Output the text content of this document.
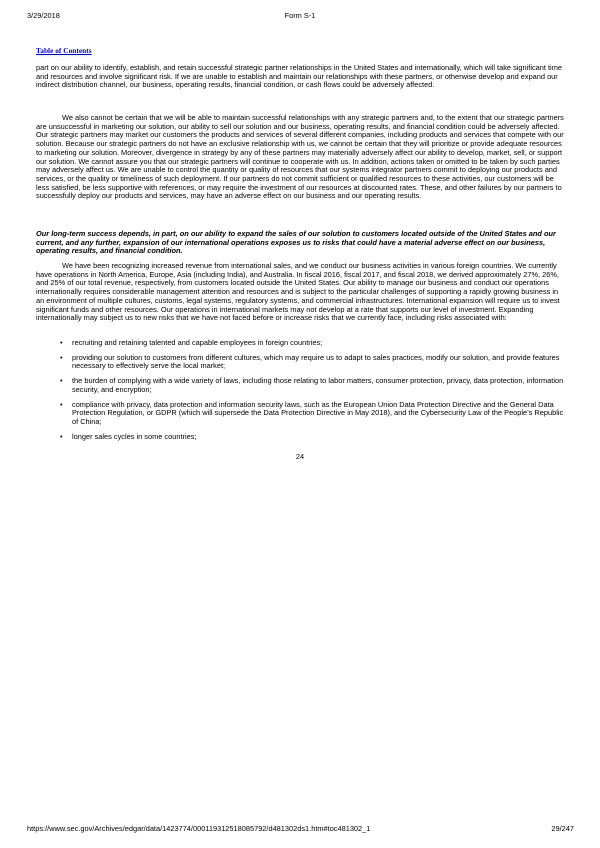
3/29/2018	Form S-1
Table of Contents

part on our ability to identify, establish, and retain successful strategic partner relationships in the United States and internationally, which will take significant time and resources and involve significant risk. If we are unable to establish and maintain our relationships with these partners, or otherwise develop and expand our indirect distribution channel, our business, operating results, financial condition, or cash flows could be adversely affected.

We also cannot be certain that we will be able to maintain successful relationships with any strategic partners and, to the extent that our strategic partners are unsuccessful in marketing our solution, our ability to sell our solution and our business, operating results, and financial condition could be adversely affected. Our strategic partners may market our customers the products and services of several different companies, including products and services that compete with our solution. Because our strategic partners do not have an exclusive relationship with us, we cannot be certain that they will prioritize or provide adequate resources to marketing our solution. Moreover, divergence in strategy by any of these partners may materially adversely affect our ability to develop, market, sell, or support our solution. We cannot assure you that our strategic partners will continue to cooperate with us. In addition, actions taken or omitted to be taken by such parties may adversely affect us. We are unable to control the quantity or quality of resources that our systems integrator partners commit to deploying our products and services, or the quality or timeliness of such deployment. If our partners do not commit sufficient or qualified resources to these activities, our customers will be less satisfied, be less supportive with references, or may require the investment of our resources at discounted rates. These, and other failures by our partners to successfully deploy our products and services, may have an adverse effect on our business and our operating results.

Our long-term success depends, in part, on our ability to expand the sales of our solution to customers located outside of the United States and our current, and any further, expansion of our international operations exposes us to risks that could have a material adverse effect on our business, operating results, and financial condition.

We have been recognizing increased revenue from international sales, and we conduct our business activities in various foreign countries. We currently have operations in North America, Europe, Asia (including India), and Australia. In fiscal 2016, fiscal 2017, and fiscal 2018, we derived approximately 27%, 26%, and 25% of our total revenue, respectively, from customers located outside the United States. Our ability to manage our business and conduct our operations internationally requires considerable management attention and resources and is subject to the particular challenges of supporting a rapidly growing business in an environment of multiple cultures, customs, legal systems, regulatory systems, and commercial infrastructures. International expansion will require us to invest significant funds and other resources. Our operations in international markets may not develop at a rate that supports our level of investment. Expanding internationally may subject us to new risks that we have not faced before or increase risks that we currently face, including risks associated with:

•	recruiting and retaining talented and capable employees in foreign countries;
•	providing our solution to customers from different cultures, which may require us to adapt to sales practices, modify our solution, and provide features necessary to effectively serve the local market;
•	the burden of complying with a wide variety of laws, including those relating to labor matters, consumer protection, privacy, data protection, information security, and encryption;
•	compliance with privacy, data protection and information security laws, such as the European Union Data Protection Directive and the General Data Protection Regulation, or GDPR (which will supersede the Data Protection Directive in May 2018), and the Cybersecurity Law of the People’s Republic of China;
•	longer sales cycles in some countries;
24
https://www.sec.gov/Archives/edgar/data/1423774/000119312518085792/d481302ds1.htm#toc481302_1	29/247
